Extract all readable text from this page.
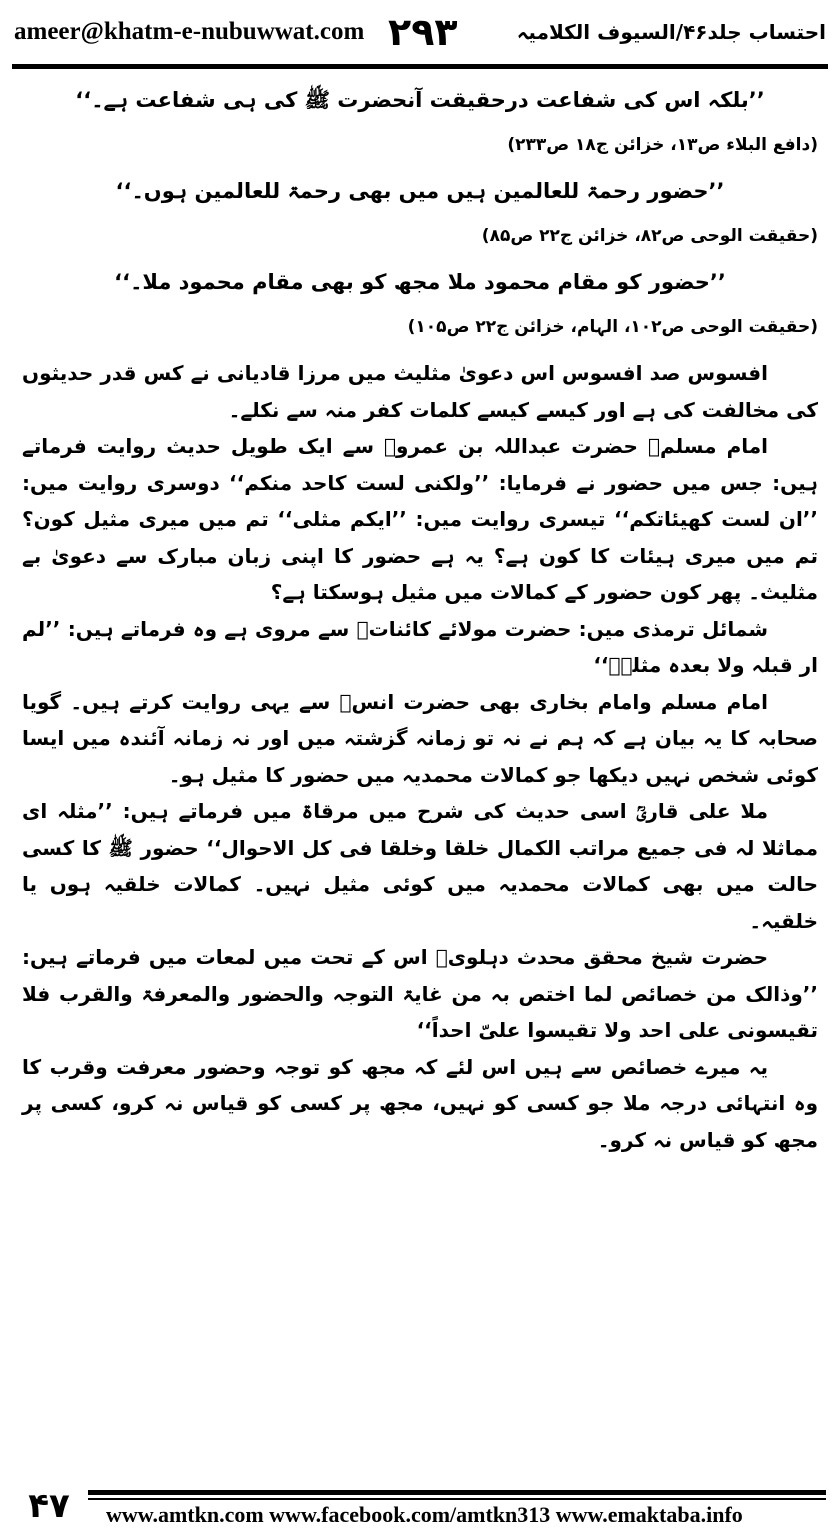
ameer@khatm-e-nubuwwat.com ۲۹۳	احتساب جلد۴۶/السیوف الکلامیہ

’’بلکہ اس کی شفاعت درحقیقت آنحضرت ﷺ کی ہی شفاعت ہے۔‘‘

(دافع البلاء ص۱۳، خزائن ج۱۸ ص۲۳۳)

’’حضور رحمۃ للعالمین ہیں میں بھی رحمۃ للعالمین ہوں۔‘‘

(حقیقت الوحی ص۸۲، خزائن ج۲۲ ص۸۵)

’’حضور کو مقام محمود ملا مجھ کو بھی مقام محمود ملا۔‘‘

(حقیقت الوحی ص۱۰۲، الہام، خزائن ج۲۲ ص۱۰۵)

افسوس صد افسوس اس دعویٰ مثلیث میں مرزا قادیانی نے کس قدر حدیثوں کی مخالفت کی ہے اور کیسے کیسے کلمات کفر منہ سے نکلے۔

امام مسلمؒ حضرت عبداللہ بن عمروؓ سے ایک طویل حدیث روایت فرماتے ہیں: جس میں حضور نے فرمایا: ’’ولکنی لست کاحد منکم‘‘ دوسری روایت میں: ’’ان لست کھیئاتکم‘‘ تیسری روایت میں: ’’ایکم مثلی‘‘ تم میں میری مثیل کون؟ تم میں میری ہیئات کا کون ہے؟ یہ ہے حضور کا اپنی زبان مبارک سے دعویٰ بے مثلیث۔ پھر کون حضور کے کمالات میں مثیل ہوسکتا ہے؟

شمائل ترمذی میں: حضرت مولائے کائناتؓ سے مروی ہے وہ فرماتے ہیں: ’’لم ار قبلہ ولا بعدہ مثلہؐ‘‘

امام مسلم وامام بخاری بھی حضرت انسؓ سے یہی روایت کرتے ہیں۔ گویا صحابہ کا یہ بیان ہے کہ ہم نے نہ تو زمانہ گزشتہ میں اور نہ زمانہ آئندہ میں ایسا کوئی شخص نہیں دیکھا جو کمالات محمدیہ میں حضور کا مثیل ہو۔

ملا علی قاریؒ اسی حدیث کی شرح میں مرقاۃ میں فرماتے ہیں: ’’مثلہ ای مماثلا لہ فی جمیع مراتب الکمال خلقا وخلقا فی کل الاحوال‘‘ حضور ﷺ کا کسی حالت میں بھی کمالات محمدیہ میں کوئی مثیل نہیں۔ کمالات خلقیہ ہوں یا خلقیہ۔

حضرت شیخ محقق محدث دہلویؒ اس کے تحت میں لمعات میں فرماتے ہیں: ’’وذالک من خصائص لما اختص بہ من غایۃ التوجہ والحضور والمعرفۃ والقرب فلا تقیسونی علی احد ولا تقیسوا علیّ احداً‘‘

یہ میرے خصائص سے ہیں اس لئے کہ مجھ کو توجہ وحضور معرفت وقرب کا وہ انتہائی درجہ ملا جو کسی کو نہیں، مجھ پر کسی کو قیاس نہ کرو، کسی پر مجھ کو قیاس نہ کرو۔

۴۷	www.amtkn.com www.facebook.com/amtkn313 www.emaktaba.info
